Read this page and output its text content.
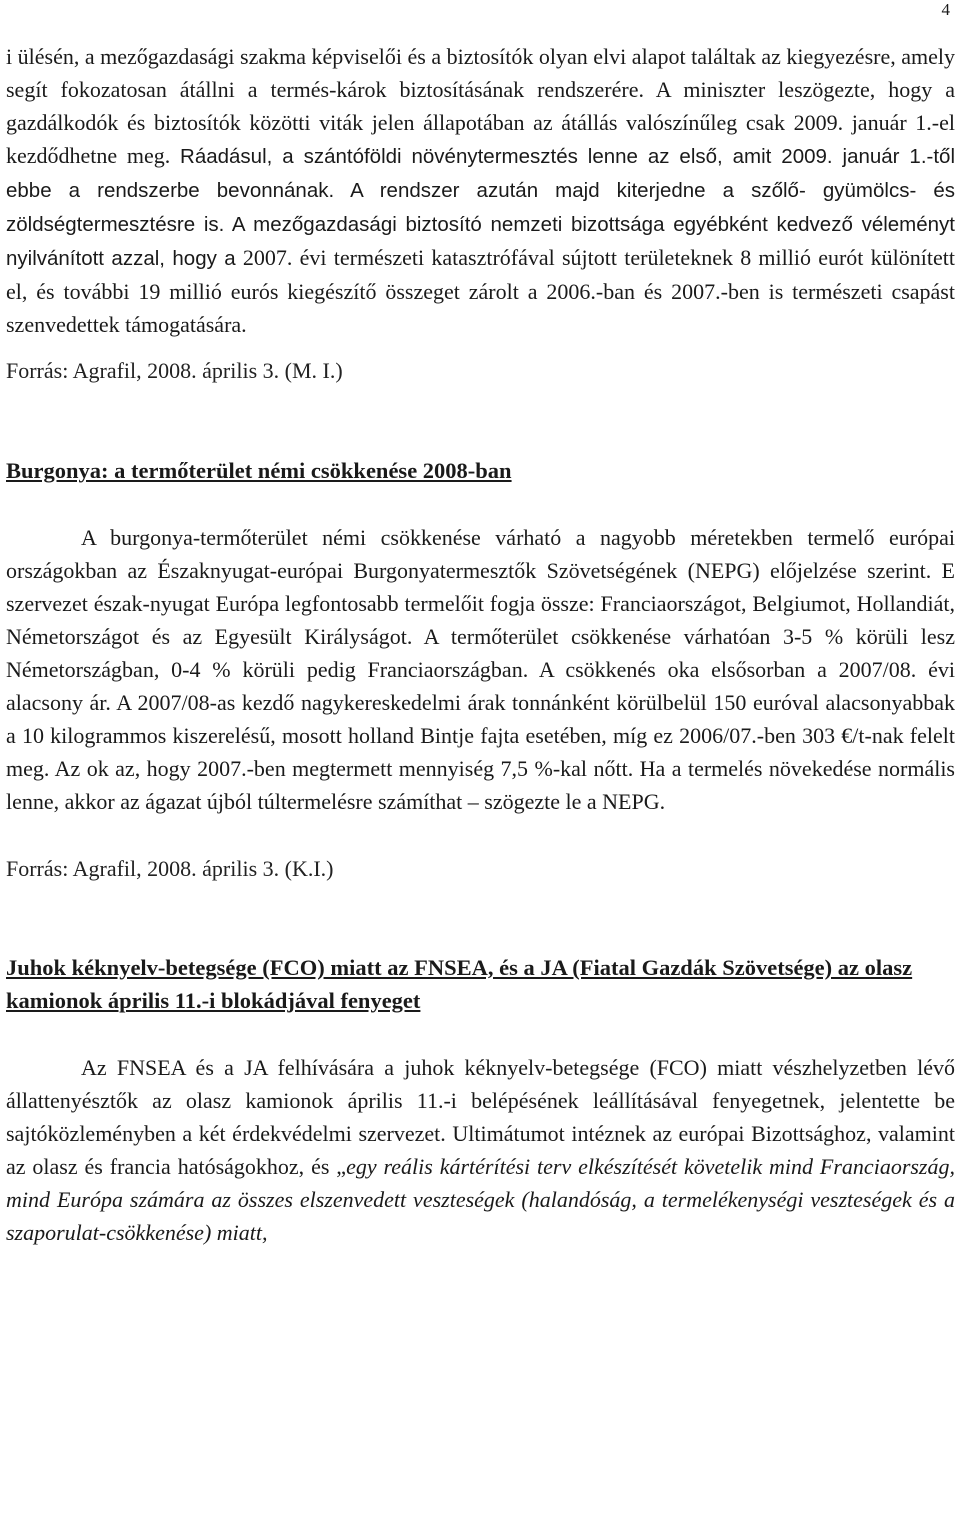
4

i ülésén, a mezőgazdasági szakma képviselői és a biztosítók olyan elvi alapot találtak az kiegyezésre, amely segít fokozatosan átállni a termés-károk biztosításának rendszerére. A miniszter leszögezte, hogy a gazdálkodók és biztosítók közötti viták jelen állapotában az átállás valószínűleg csak 2009. január 1.-el kezdődhetne meg. Ráadásul, a szántóföldi növénytermesztés lenne az első, amit 2009. január 1.-től ebbe a rendszerbe bevonnának. A rendszer azután majd kiterjedne a szőlő- gyümölcs- és zöldségtermesztésre is. A mezőgazdasági biztosító nemzeti bizottsága egyébként kedvező véleményt nyilvánított azzal, hogy a 2007. évi természeti katasztrófával sújtott területeknek 8 millió eurót különített el, és további 19 millió eurós kiegészítő összeget zárolt a 2006.-ban és 2007.-ben is természeti csapást szenvedettek támogatására.

Forrás: Agrafil, 2008. április 3. (M. I.)

Burgonya: a termőterület némi csökkenése 2008-ban

A burgonya-termőterület némi csökkenése várható a nagyobb méretekben termelő európai országokban az Északnyugat-európai Burgonyatermesztők Szövetségének (NEPG) előjelzése szerint. E szervezet észak-nyugat Európa legfontosabb termelőit fogja össze: Franciaországot, Belgiumot, Hollandiát, Németországot és az Egyesült Királyságot. A termőterület csökkenése várhatóan 3-5 % körüli lesz Németországban, 0-4 % körüli pedig Franciaországban. A csökkenés oka elsősorban a 2007/08. évi alacsony ár. A 2007/08-as kezdő nagykereskedelmi árak tonnánként körülbelül 150 euróval alacsonyabbak a 10 kilogrammos kiszerelésű, mosott holland Bintje fajta esetében, míg ez 2006/07.-ben 303 €/t-nak felelt meg. Az ok az, hogy 2007.-ben megtermett mennyiség 7,5 %-kal nőtt. Ha a termelés növekedése normális lenne, akkor az ágazat újból túltermelésre számíthat – szögezte le a NEPG.

Forrás: Agrafil, 2008. április 3. (K.I.)

Juhok kéknyelv-betegsége (FCO) miatt az FNSEA, és a JA (Fiatal Gazdák Szövetsége) az olasz kamionok április 11.-i blokádjával fenyeget

Az FNSEA és a JA felhívására a juhok kéknyelv-betegsége (FCO) miatt vészhelyzetben lévő állattenyésztők az olasz kamionok április 11.-i belépésének leállításával fenyegetnek, jelentette be sajtóközleményben a két érdekvédelmi szervezet. Ultimátumot intéznek az európai Bizottsághoz, valamint az olasz és francia hatóságokhoz, és „egy reális kártérítési terv elkészítését követelik mind Franciaország, mind Európa számára az összes elszenvedett veszteségek (halandóság, a termelékenységi veszteségek és a szaporulat-csökkenése) miatt,
